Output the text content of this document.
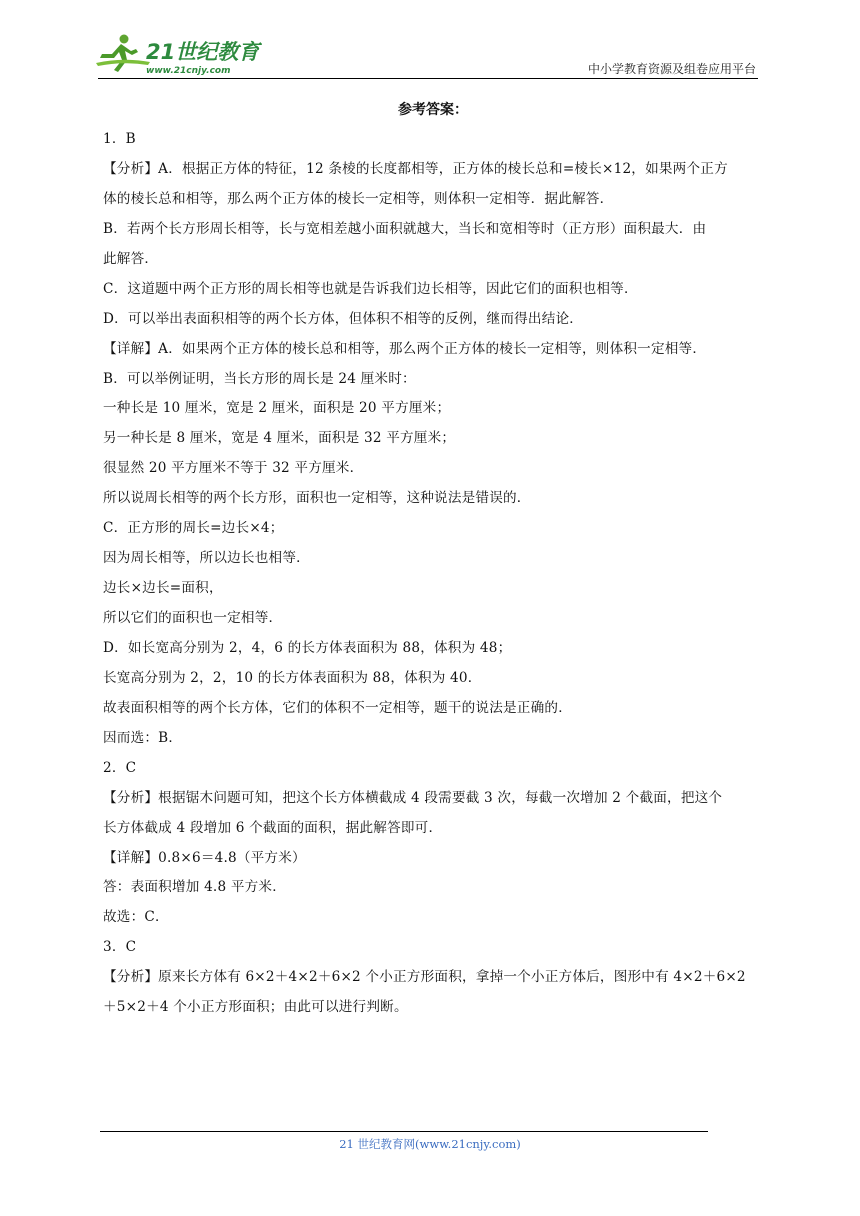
21世纪教育
www.21cnjy.com	中小学教育资源及组卷应用平台
参考答案：
1．B
【分析】A．根据正方体的特征，12 条棱的长度都相等，正方体的棱长总和=棱长×12，如果两个正方
体的棱长总和相等，那么两个正方体的棱长一定相等，则体积一定相等．据此解答．
B．若两个长方形周长相等，长与宽相差越小面积就越大，当长和宽相等时（正方形）面积最大．由
此解答．
C．这道题中两个正方形的周长相等也就是告诉我们边长相等，因此它们的面积也相等．
D．可以举出表面积相等的两个长方体，但体积不相等的反例，继而得出结论．
【详解】A．如果两个正方体的棱长总和相等，那么两个正方体的棱长一定相等，则体积一定相等．
B．可以举例证明，当长方形的周长是 24 厘米时：
一种长是 10 厘米，宽是 2 厘米，面积是 20 平方厘米；
另一种长是 8 厘米，宽是 4 厘米，面积是 32 平方厘米；
很显然 20 平方厘米不等于 32 平方厘米．
所以说周长相等的两个长方形，面积也一定相等，这种说法是错误的．
C．正方形的周长=边长×4；
因为周长相等，所以边长也相等．
边长×边长=面积，
所以它们的面积也一定相等．
D．如长宽高分别为 2，4，6 的长方体表面积为 88，体积为 48；
长宽高分别为 2，2，10 的长方体表面积为 88，体积为 40．
故表面积相等的两个长方体，它们的体积不一定相等，题干的说法是正确的．
因而选：B．
2．C
【分析】根据锯木问题可知，把这个长方体横截成 4 段需要截 3 次，每截一次增加 2 个截面，把这个
长方体截成 4 段增加 6 个截面的面积，据此解答即可．
【详解】0.8×6＝4.8（平方米）
答：表面积增加 4.8 平方米．
故选：C．
3．C
【分析】原来长方体有 6×2＋4×2＋6×2 个小正方形面积，拿掉一个小正方体后，图形中有 4×2＋6×2
＋5×2＋4 个小正方形面积；由此可以进行判断。
21 世纪教育网(www.21cnjy.com)
